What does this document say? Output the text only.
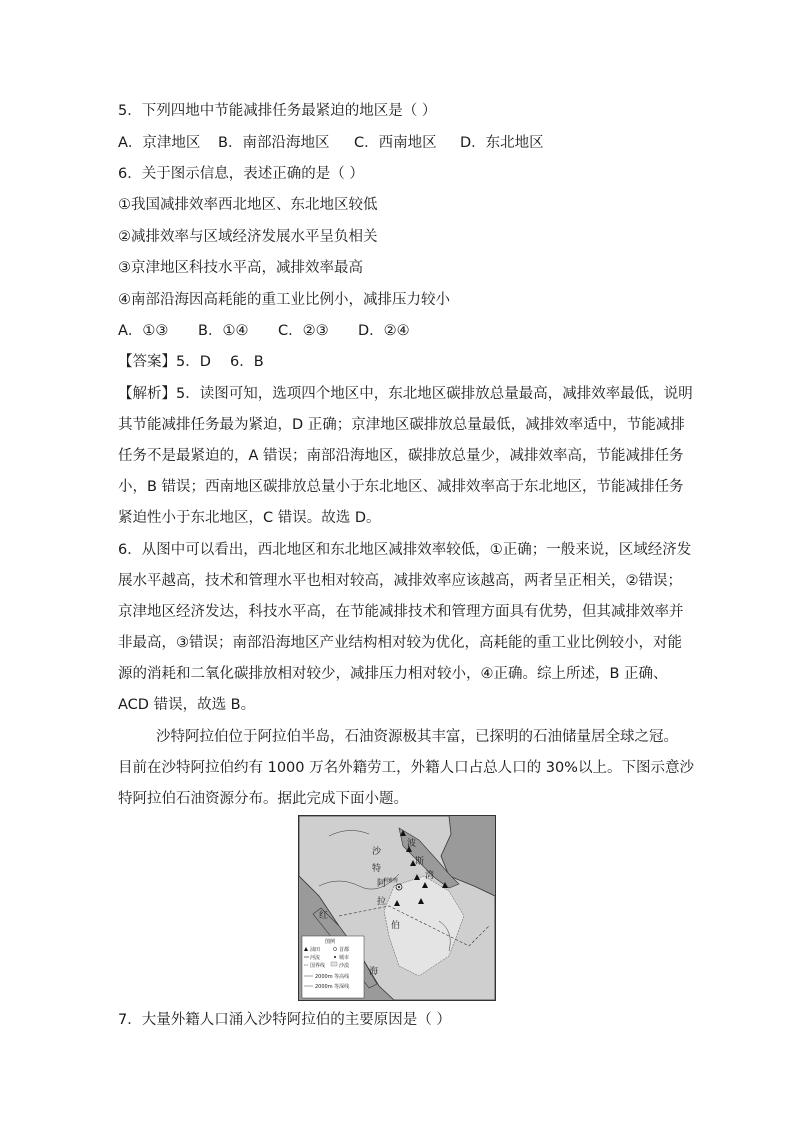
5．下列四地中节能减排任务最紧迫的地区是（ ）
A．京津地区 B．南部沿海地区 C．西南地区 D．东北地区
6．关于图示信息，表述正确的是（ ）
①我国减排效率西北地区、东北地区较低
②减排效率与区域经济发展水平呈负相关
③京津地区科技水平高，减排效率最高
④南部沿海因高耗能的重工业比例小，减排压力较小
A．①③ B．①④ C．②③ D．②④
【答案】5．D　 6．B
【解析】5．读图可知，选项四个地区中，东北地区碳排放总量最高，减排效率最低，说明
其节能减排任务最为紧迫，D 正确；京津地区碳排放总量最低，减排效率适中，节能减排
任务不是最紧迫的，A 错误；南部沿海地区，碳排放总量少，减排效率高，节能减排任务
小，B 错误；西南地区碳排放总量小于东北地区、减排效率高于东北地区，节能减排任务
紧迫性小于东北地区，C 错误。故选 D。
6．从图中可以看出，西北地区和东北地区减排效率较低，①正确；一般来说，区域经济发
展水平越高，技术和管理水平也相对较高，减排效率应该越高，两者呈正相关，②错误；
京津地区经济发达，科技水平高，在节能减排技术和管理方面具有优势，但其减排效率并
非最高，③错误；南部沿海地区产业结构相对较为优化，高耗能的重工业比例较小，对能
源的消耗和二氧化碳排放相对较少，减排压力相对较小，④正确。综上所述，B 正确、
ACD 错误，故选 B。
沙特阿拉伯位于阿拉伯半岛，石油资源极其丰富，已探明的石油储量居全球之冠。
目前在沙特阿拉伯约有 1000 万名外籍劳工，外籍人口占总人口的 30%以上。下图示意沙
特阿拉伯石油资源分布。据此完成下面小题。
沙
特
阿
拉
伯
波
斯
湾
红
海
利雅得
图例
油田	首都
河流	城市
国界线	沙漠
2000m 等高线
2000m 等深线
7．大量外籍人口涌入沙特阿拉伯的主要原因是（ ）
